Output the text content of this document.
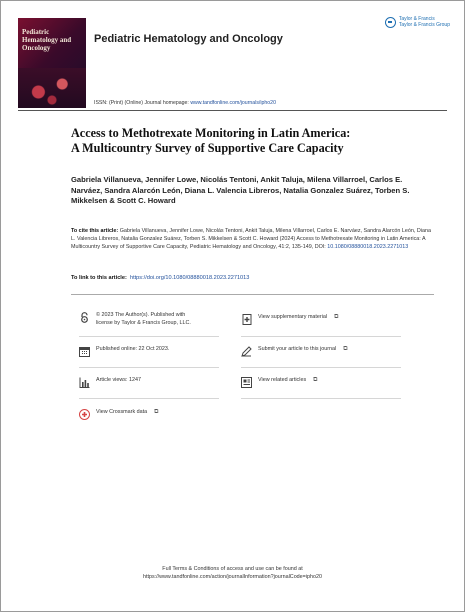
Pediatric Hematology and Oncology
Pediatric Hematology and Oncology
Taylor & Francis
Taylor & Francis Group
ISSN: (Print) (Online) Journal homepage: www.tandfonline.com/journals/ipho20
Access to Methotrexate Monitoring in Latin America:
A Multicountry Survey of Supportive Care Capacity
Gabriela Villanueva, Jennifer Lowe, Nicolás Tentoni, Ankit Taluja, Milena Villarroel, Carlos E. Narváez, Sandra Alarcón León, Diana L. Valencia Libreros, Natalia Gonzalez Suárez, Torben S. Mikkelsen & Scott C. Howard
To cite this article: Gabriela Villanueva, Jennifer Lowe, Nicolás Tentoni, Ankit Taluja, Milena Villarroel, Carlos E. Narváez, Sandra Alarcón León, Diana L. Valencia Libreros, Natalia Gonzalez Suárez, Torben S. Mikkelsen & Scott C. Howard (2024) Access to Methotrexate Monitoring in Latin America: A Multicountry Survey of Supportive Care Capacity, Pediatric Hematology and Oncology, 41:2, 135-149, DOI: 10.1080/08880018.2023.2271013
To link to this article: https://doi.org/10.1080/08880018.2023.2271013
© 2023 The Author(s). Published with
license by Taylor & Francis Group, LLC.
View supplementary material ⧉
Published online: 22 Oct 2023.	Submit your article to this journal ⧉
Article views: 1247	View related articles ⧉
View Crossmark data ⧉
Full Terms & Conditions of access and use can be found at
https://www.tandfonline.com/action/journalInformation?journalCode=ipho20
